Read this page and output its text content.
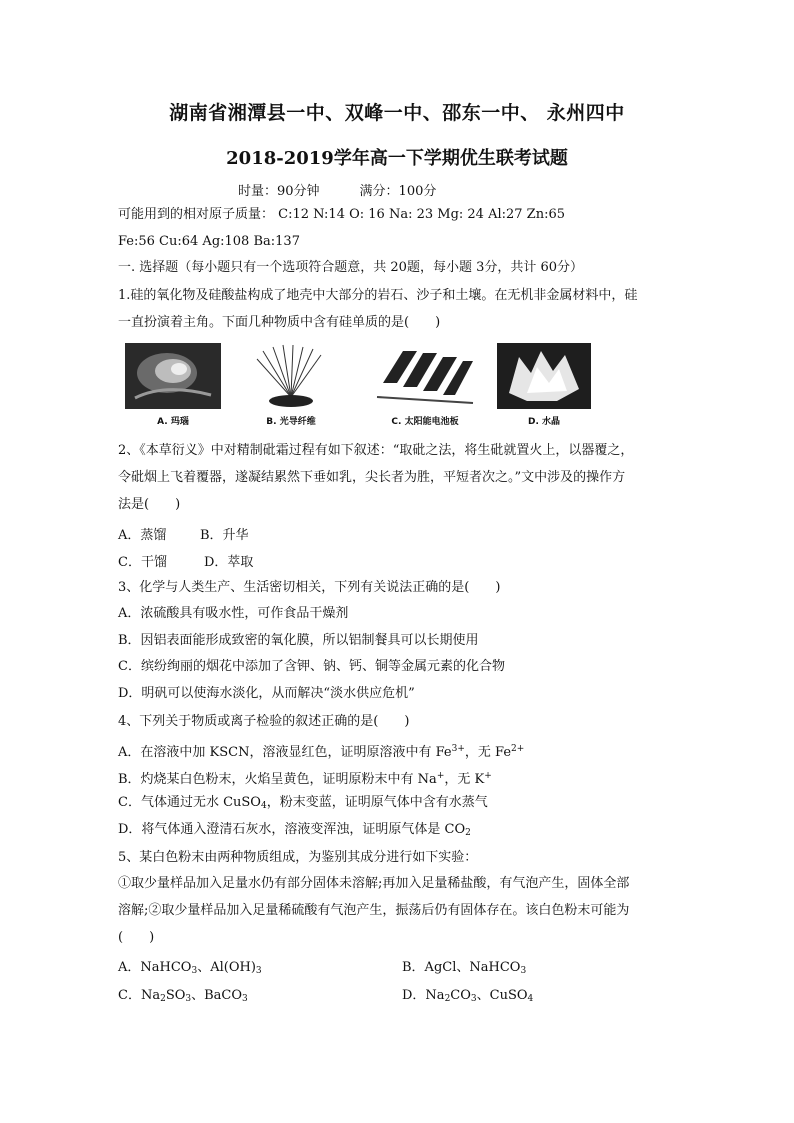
湖南省湘潭县一中、双峰一中、邵东一中、 永州四中
2018-2019学年高一下学期优生联考试题
时量：90分钟	满分：100分
可能用到的相对原子质量： C:12 N:14 O: 16 Na: 23 Mg: 24 Al:27 Zn:65
Fe:56 Cu:64 Ag:108 Ba:137
一. 选择题（每小题只有一个选项符合题意，共 20题，每小题 3分，共计 60分）
1.硅的氧化物及硅酸盐构成了地壳中大部分的岩石、沙子和土壤。在无机非金属材料中，硅
一直扮演着主角。下面几种物质中含有硅单质的是(　　)
A. 玛瑙	B. 光导纤维	C. 太阳能电池板	D. 水晶
2、《本草衍义》中对精制砒霜过程有如下叙述：“取砒之法，将生砒就置火上，以器覆之，
令砒烟上飞着覆器，遂凝结累然下垂如乳，尖长者为胜，平短者次之。”文中涉及的操作方
法是(　　)
A．蒸馏	B．升华
C．干馏	D．萃取
3、化学与人类生产、生活密切相关，下列有关说法正确的是(　　)
A．浓硫酸具有吸水性，可作食品干燥剂
B．因铝表面能形成致密的氧化膜，所以铝制餐具可以长期使用
C．缤纷绚丽的烟花中添加了含钾、钠、钙、铜等金属元素的化合物
D．明矾可以使海水淡化，从而解决“淡水供应危机”
4、下列关于物质或离子检验的叙述正确的是(　　)
A．在溶液中加 KSCN，溶液显红色，证明原溶液中有 $Fe^{3+}$，无 $Fe^{2+}$
B．灼烧某白色粉末，火焰呈黄色，证明原粉末中有 Na+，无 K+
C．气体通过无水 CuSO$_4$，粉末变蓝，证明原气体中含有水蒸气
D．将气体通入澄清石灰水，溶液变浑浊，证明原气体是 $CO_2$
5、某白色粉末由两种物质组成，为鉴别其成分进行如下实验：
①取少量样品加入足量水仍有部分固体未溶解;再加入足量稀盐酸，有气泡产生，固体全部
溶解;②取少量样品加入足量稀硫酸有气泡产生，振荡后仍有固体存在。该白色粉末可能为
(　　)
A．NaHCO$_3$、$Al(OH)_3$	B．AgCl、NaHCO$_3$
C．$Na_2SO_3$、BaCO$_3$	D．$Na_2CO_3$、CuSO$_4$
